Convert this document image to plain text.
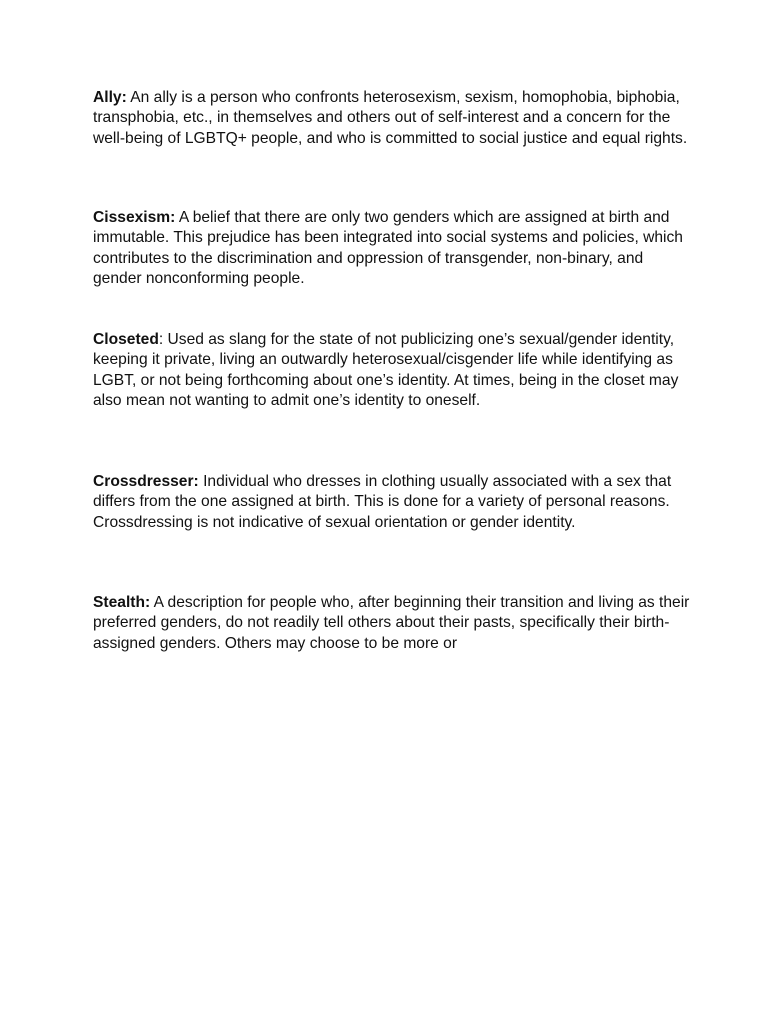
Ally: An ally is a person who confronts heterosexism, sexism, homophobia, biphobia, transphobia, etc., in themselves and others out of self-interest and a concern for the well-being of LGBTQ+ people, and who is committed to social justice and equal rights.

Cissexism: A belief that there are only two genders which are assigned at birth and immutable. This prejudice has been integrated into social systems and policies, which contributes to the discrimination and oppression of transgender, non-binary, and gender nonconforming people.

Closeted: Used as slang for the state of not publicizing one’s sexual/gender identity, keeping it private, living an outwardly heterosexual/cisgender life while identifying as LGBT, or not being forthcoming about one’s identity. At times, being in the closet may also mean not wanting to admit one’s identity to oneself.

Crossdresser: Individual who dresses in clothing usually associated with a sex that differs from the one assigned at birth. This is done for a variety of personal reasons. Crossdressing is not indicative of sexual orientation or gender identity.

Stealth: A description for people who, after beginning their transition and living as their preferred genders, do not readily tell others about their pasts, specifically their birth-assigned genders. Others may choose to be more or
